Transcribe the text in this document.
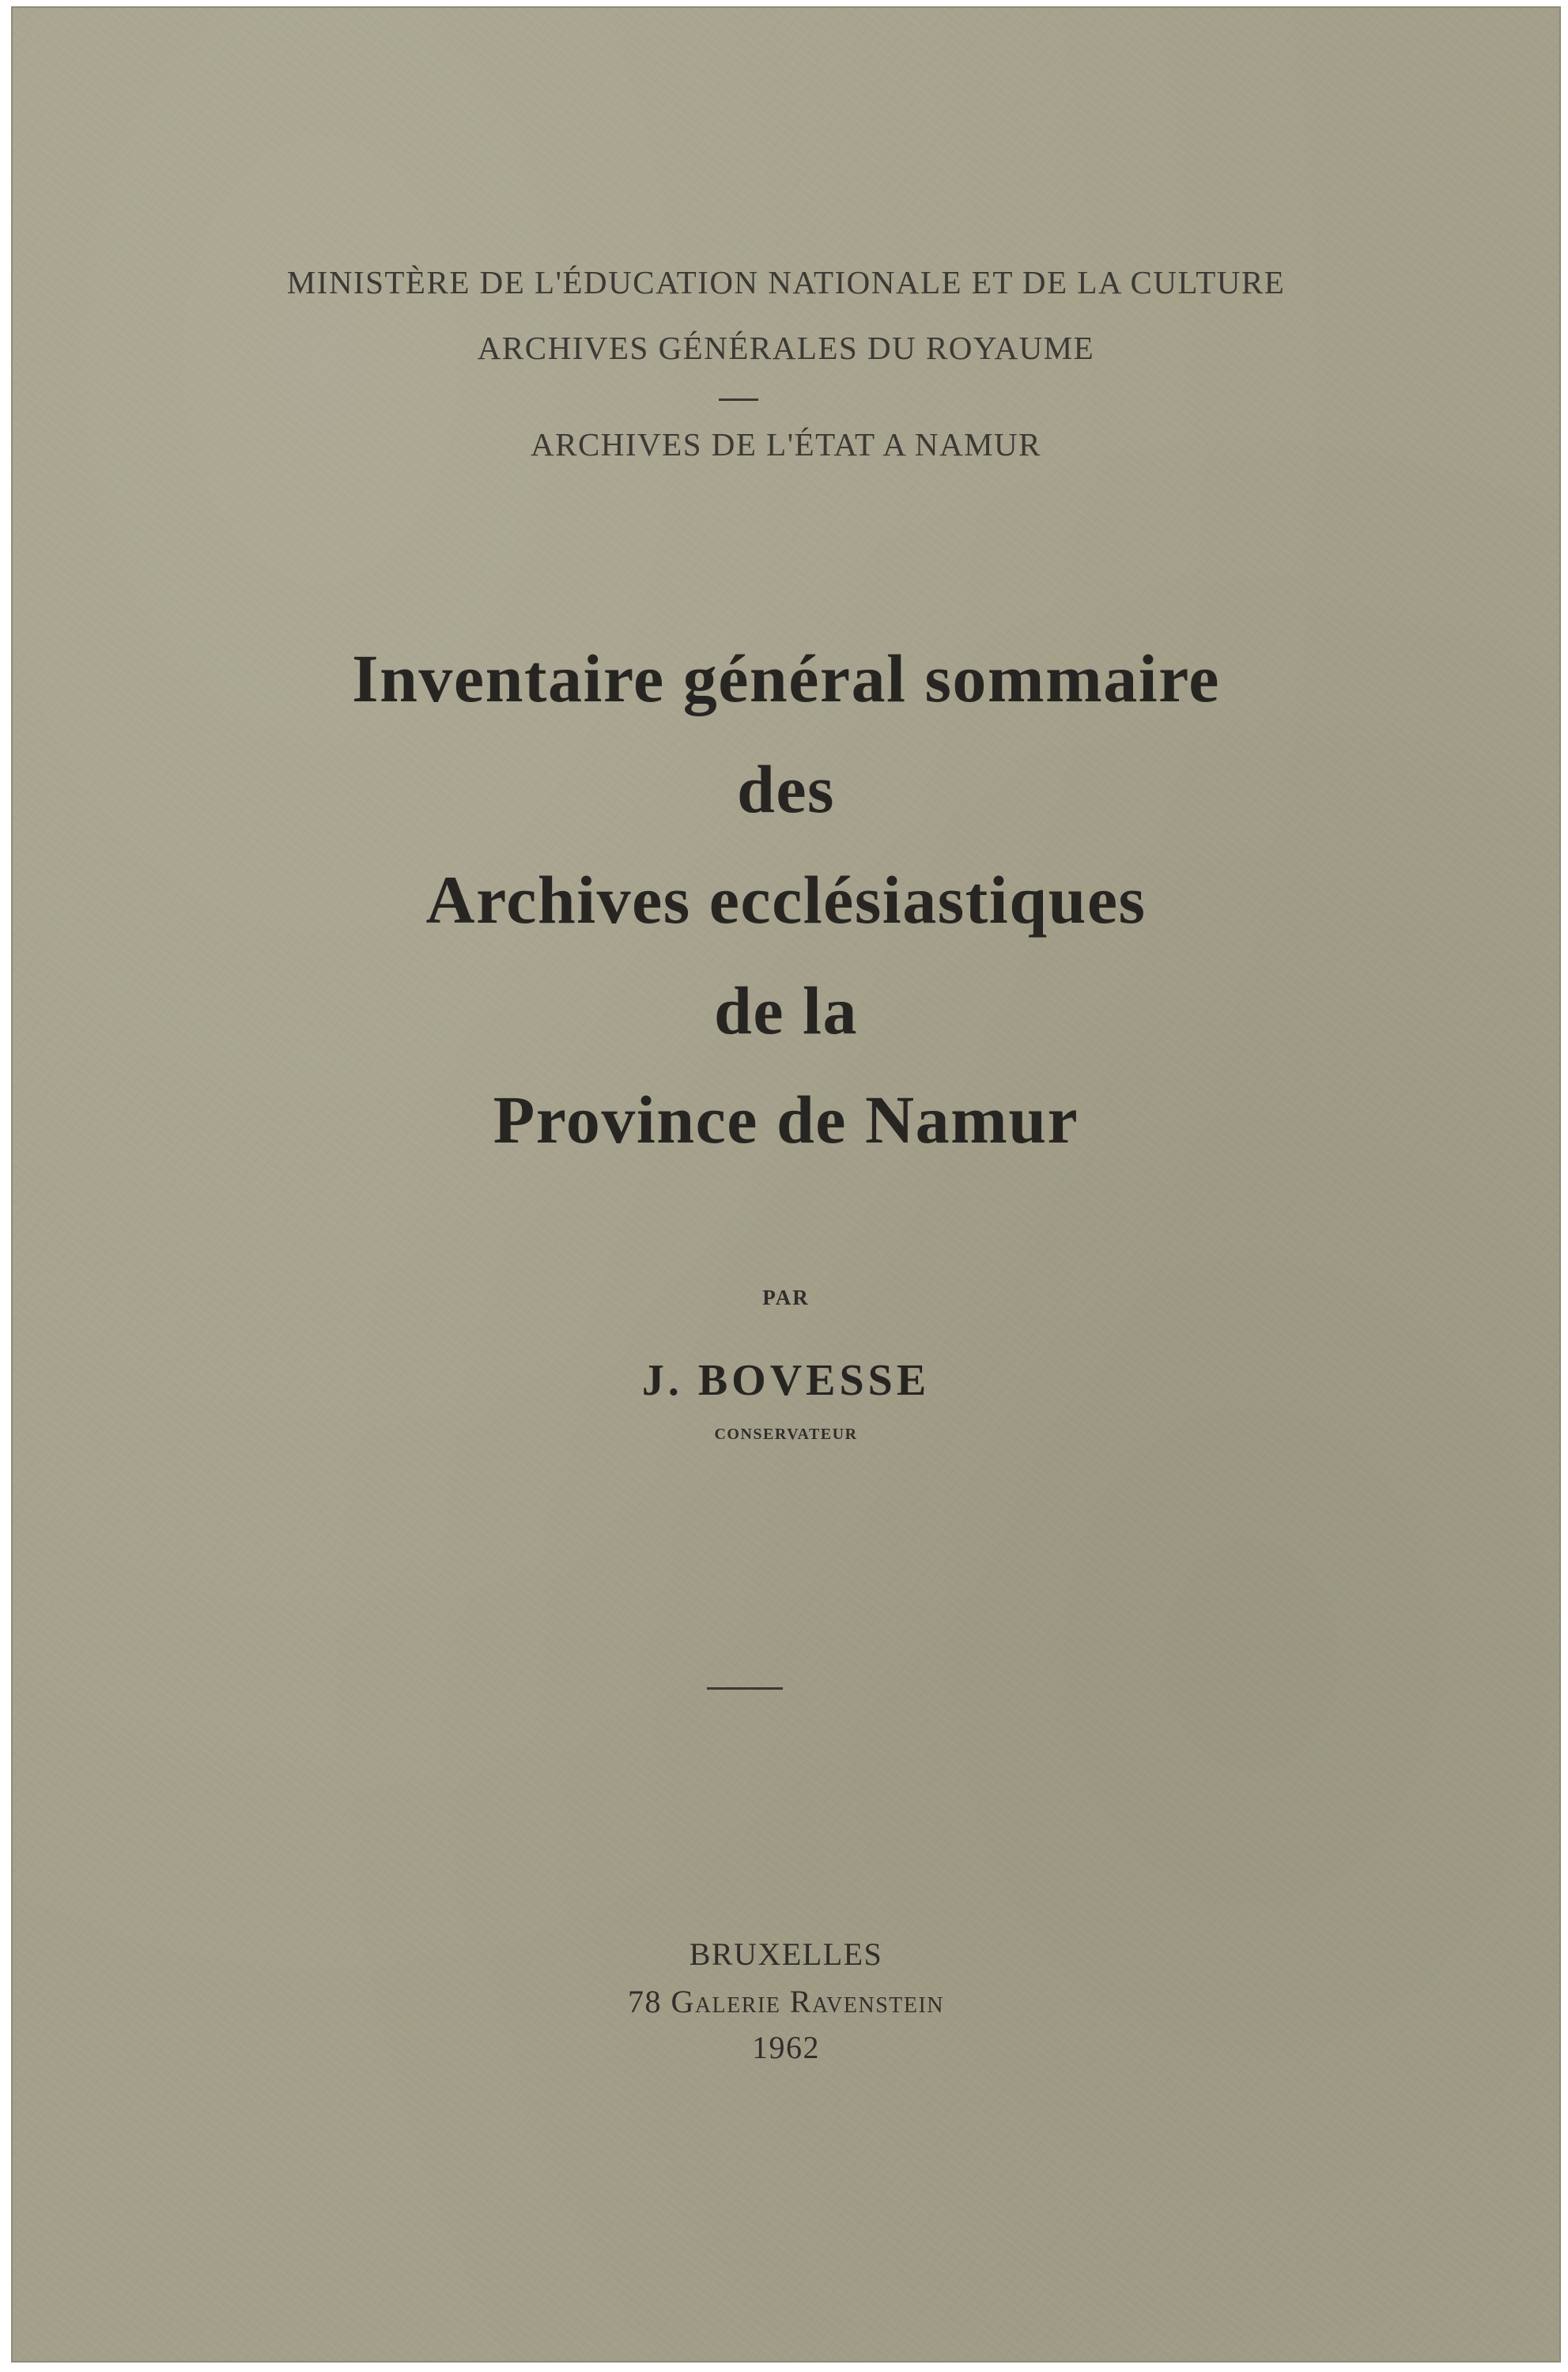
MINISTÈRE DE L'ÉDUCATION NATIONALE ET DE LA CULTURE
ARCHIVES GÉNÉRALES DU ROYAUME
ARCHIVES DE L'ÉTAT A NAMUR
Inventaire général sommaire
des
Archives ecclésiastiques
de la
Province de Namur
PAR
J. BOVESSE
CONSERVATEUR
BRUXELLES
78 Galerie Ravenstein
1962
